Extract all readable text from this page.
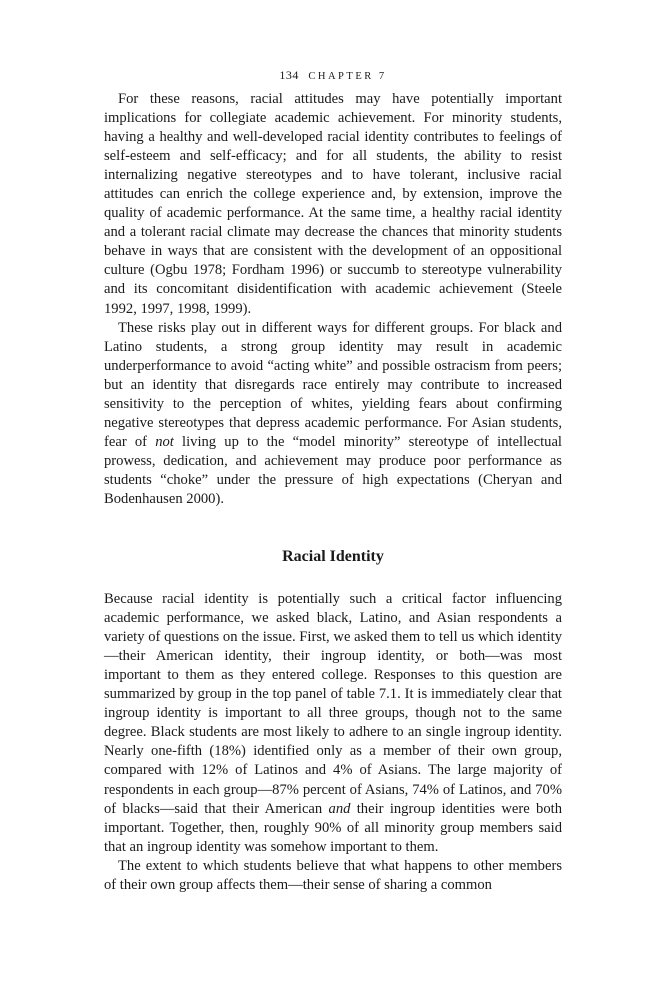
134 CHAPTER 7

For these reasons, racial attitudes may have potentially important implications for collegiate academic achievement. For minority students, having a healthy and well-developed racial identity contributes to feelings of self-esteem and self-efficacy; and for all students, the ability to resist internalizing negative stereotypes and to have tolerant, inclusive racial attitudes can enrich the college experience and, by extension, improve the quality of academic performance. At the same time, a healthy racial identity and a tolerant racial climate may decrease the chances that minority students behave in ways that are consistent with the development of an oppositional culture (Ogbu 1978; Fordham 1996) or succumb to stereotype vulnerability and its concomitant disidentification with academic achievement (Steele 1992, 1997, 1998, 1999).

These risks play out in different ways for different groups. For black and Latino students, a strong group identity may result in academic underperformance to avoid “acting white” and possible ostracism from peers; but an identity that disregards race entirely may contribute to increased sensitivity to the perception of whites, yielding fears about confirming negative stereotypes that depress academic performance. For Asian students, fear of not living up to the “model minority” stereotype of intellectual prowess, dedication, and achievement may produce poor performance as students “choke” under the pressure of high expectations (Cheryan and Bodenhausen 2000).

Racial Identity

Because racial identity is potentially such a critical factor influencing academic performance, we asked black, Latino, and Asian respondents a variety of questions on the issue. First, we asked them to tell us which identity—their American identity, their ingroup identity, or both—was most important to them as they entered college. Responses to this question are summarized by group in the top panel of table 7.1. It is immediately clear that ingroup identity is important to all three groups, though not to the same degree. Black students are most likely to adhere to an single ingroup identity. Nearly one-fifth (18%) identified only as a member of their own group, compared with 12% of Latinos and 4% of Asians. The large majority of respondents in each group—87% percent of Asians, 74% of Latinos, and 70% of blacks—said that their American and their ingroup identities were both important. Together, then, roughly 90% of all minority group members said that an ingroup identity was somehow important to them.

The extent to which students believe that what happens to other members of their own group affects them—their sense of sharing a common
